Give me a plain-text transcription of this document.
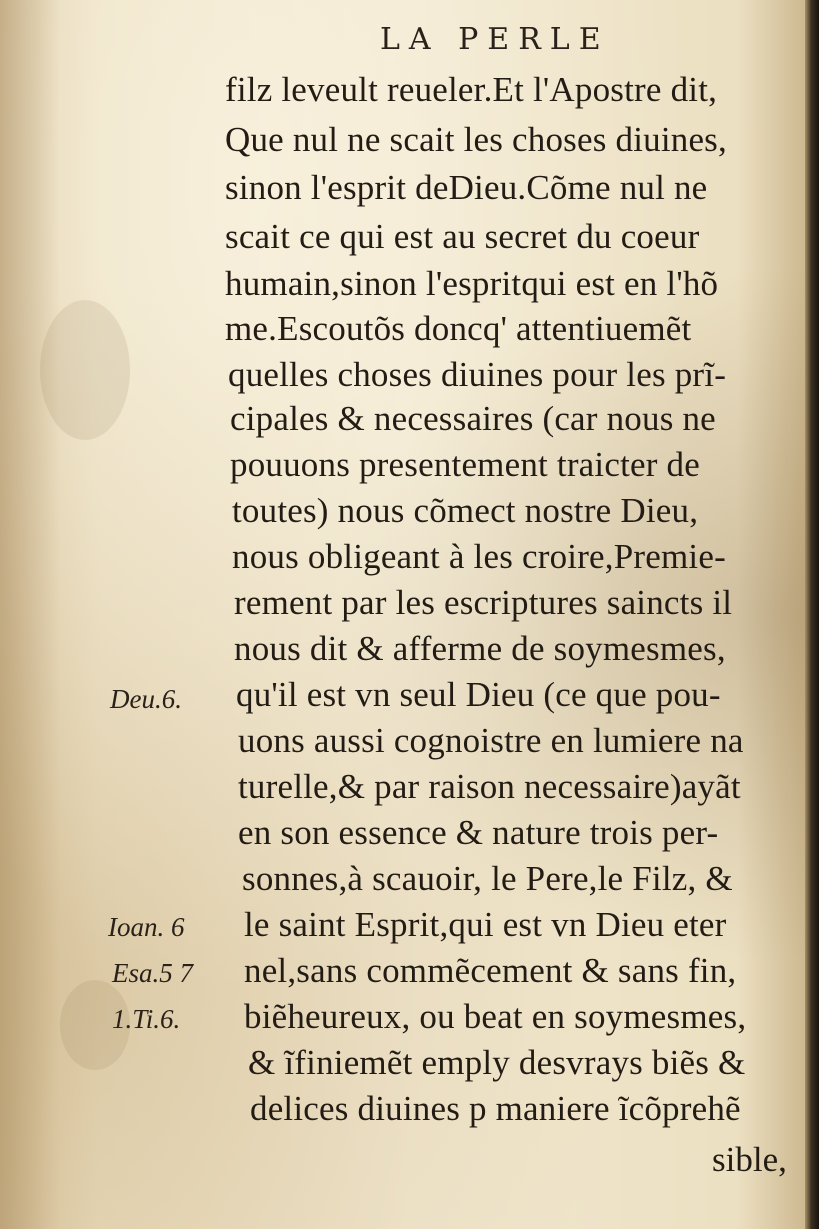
LA PERLE
filz leveult reueler.Et l'Apostre dit,
Que nul ne scait les choses diuines,
sinon l'esprit deDieu.Cõme nul ne
scait ce qui est au secret du coeur
humain,sinon l'espritqui est en l'hõ
me.Escoutõs doncq' attentiuemẽt
quelles choses diuines pour les prĩ-
cipales & necessaires (car nous ne
pouuons presentement traicter de
toutes) nous cõmect nostre Dieu,
nous obligeant à les croire,Premie-
rement par les escriptures saincts il
nous dit & afferme de soymesmes,
qu'il est vn seul Dieu (ce que pou-
uons aussi cognoistre en lumiere na
turelle,& par raison necessaire)ayãt
en son essence & nature trois per-
sonnes,à scauoir, le Pere,le Filz, &
le saint Esprit,qui est vn Dieu eter
nel,sans commẽcement & sans fin,
biẽheureux, ou beat en soymesmes,
& ĩfiniemẽt emply desvrays biẽs &
delices diuines p maniere ĩcõprehẽ
Deu.6.
Ioan. 6
Esa.5 7
1.Ti.6.
sible,
